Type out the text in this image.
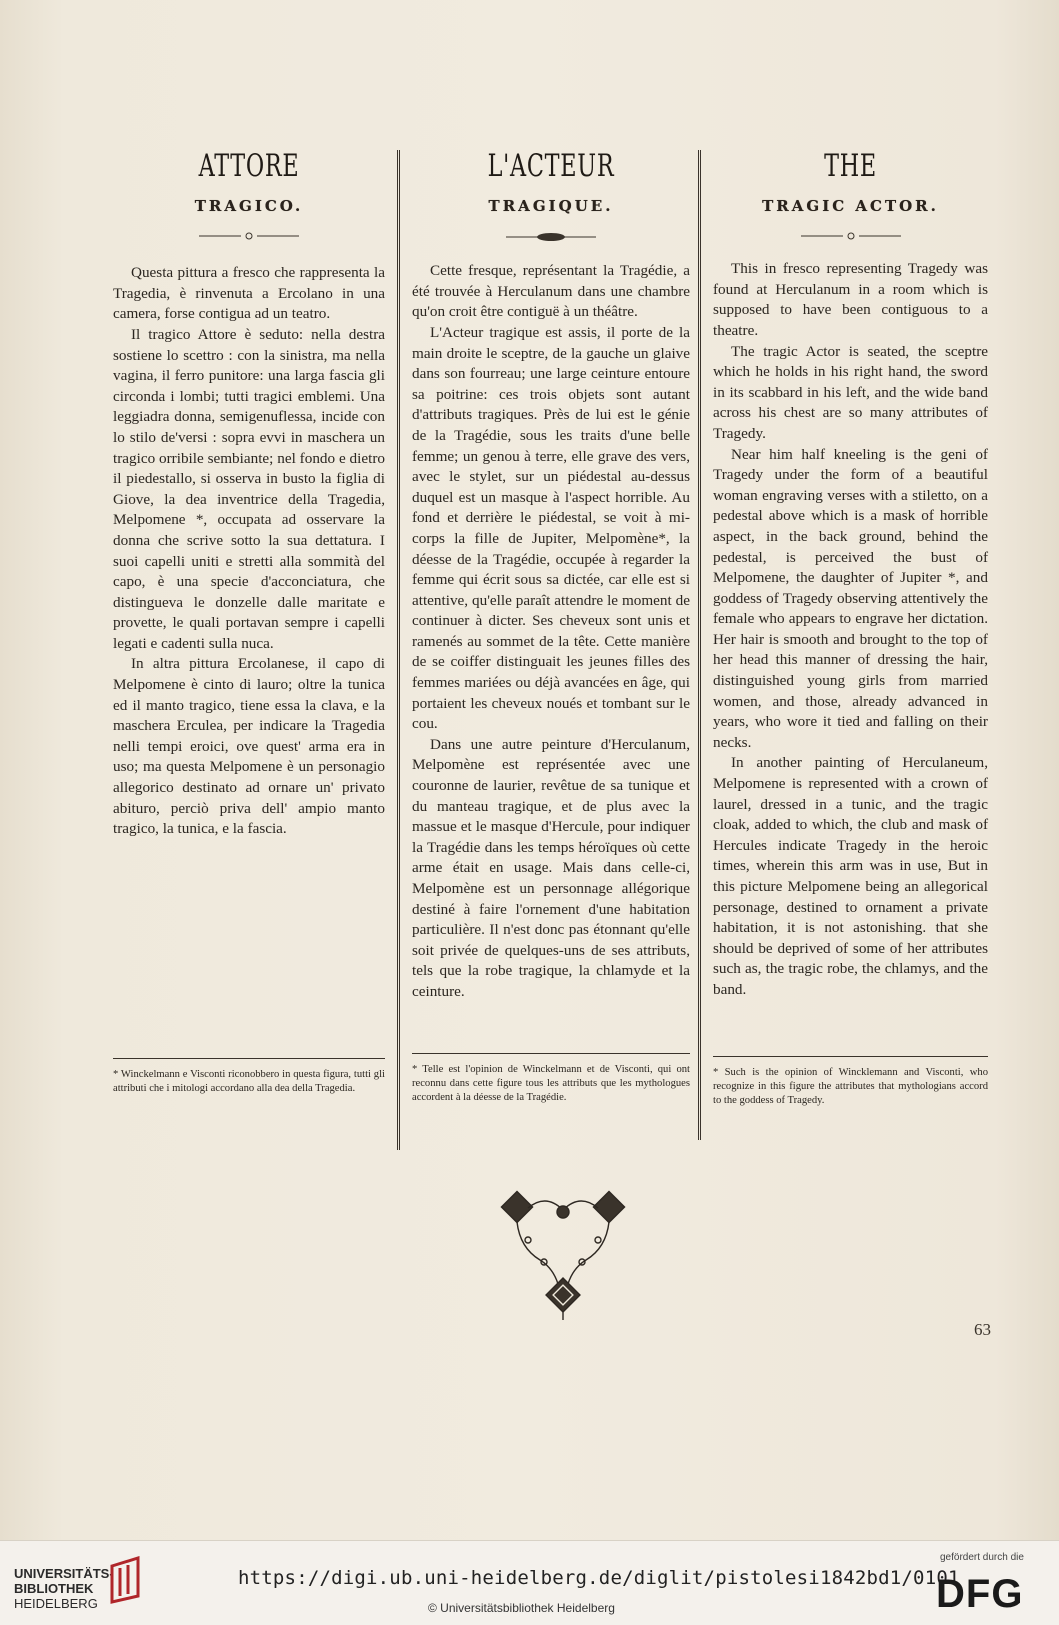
ATTORE
TRAGICO.

Questa pittura a fresco che rappresenta la Tragedia, è rinvenuta a Ercolano in una camera, forse contigua ad un teatro.

Il tragico Attore è seduto: nella destra sostiene lo scettro : con la sinistra, ma nella vagina, il ferro punitore: una larga fascia gli circonda i lombi; tutti tragici emblemi. Una leggiadra donna, semigenuflessa, incide con lo stilo de'versi : sopra evvi in maschera un tragico orribile sembiante; nel fondo e dietro il piedestallo, si osserva in busto la figlia di Giove, la dea inventrice della Tragedia, Melpomene *, occupata ad osservare la donna che scrive sotto la sua dettatura. I suoi capelli uniti e stretti alla sommità del capo, è una specie d'acconciatura, che distingueva le donzelle dalle maritate e provette, le quali portavan sempre i capelli legati e cadenti sulla nuca.

In altra pittura Ercolanese, il capo di Melpomene è cinto di lauro; oltre la tunica ed il manto tragico, tiene essa la clava, e la maschera Erculea, per indicare la Tragedia nelli tempi eroici, ove quest' arma era in uso; ma questa Melpomene è un personagio allegorico destinato ad ornare un' privato abituro, perciò priva dell' ampio manto tragico, la tunica, e la fascia.

L'ACTEUR
TRAGIQUE.

Cette fresque, représentant la Tragédie, a été trouvée à Herculanum dans une chambre qu'on croit être contiguë à un théâtre.

L'Acteur tragique est assis, il porte de la main droite le sceptre, de la gauche un glaive dans son fourreau; une large ceinture entoure sa poitrine: ces trois objets sont autant d'attributs tragiques. Près de lui est le génie de la Tragédie, sous les traits d'une belle femme; un genou à terre, elle grave des vers, avec le stylet, sur un piédestal au-dessus duquel est un masque à l'aspect horrible. Au fond et derrière le piédestal, se voit à mi-corps la fille de Jupiter, Melpomène*, la déesse de la Tragédie, occupée à regarder la femme qui écrit sous sa dictée, car elle est si attentive, qu'elle paraît attendre le moment de continuer à dicter. Ses cheveux sont unis et ramenés au sommet de la tête. Cette manière de se coiffer distinguait les jeunes filles des femmes mariées ou déjà avancées en âge, qui portaient les cheveux noués et tombant sur le cou.

Dans une autre peinture d'Herculanum, Melpomène est représentée avec une couronne de laurier, revêtue de sa tunique et du manteau tragique, et de plus avec la massue et le masque d'Hercule, pour indiquer la Tragédie dans les temps héroïques où cette arme était en usage. Mais dans celle-ci, Melpomène est un personnage allégorique destiné à faire l'ornement d'une habitation particulière. Il n'est donc pas étonnant qu'elle soit privée de quelques-uns de ses attributs, tels que la robe tragique, la chlamyde et la ceinture.

THE
TRAGIC ACTOR.

This in fresco representing Tragedy was found at Herculanum in a room which is supposed to have been contiguous to a theatre.

The tragic Actor is seated, the sceptre which he holds in his right hand, the sword in its scabbard in his left, and the wide band across his chest are so many attributes of Tragedy.

Near him half kneeling is the geni of Tragedy under the form of a beautiful woman engraving verses with a stiletto, on a pedestal above which is a mask of horrible aspect, in the back ground, behind the pedestal, is perceived the bust of Melpomene, the daughter of Jupiter *, and goddess of Tragedy observing attentively the female who appears to engrave her dictation. Her hair is smooth and brought to the top of her head this manner of dressing the hair, distinguished young girls from married women, and those, already advanced in years, who wore it tied and falling on their necks.

In another painting of Herculaneum, Melpomene is represented with a crown of laurel, dressed in a tunic, and the tragic cloak, added to which, the club and mask of Hercules indicate Tragedy in the heroic times, wherein this arm was in use, But in this picture Melpomene being an allegorical personage, destined to ornament a private habitation, it is not astonishing. that she should be deprived of some of her attributes such as, the tragic robe, the chlamys, and the band.

* Winckelmann e Visconti riconobbero in questa figura, tutti gli attributi che i mitologi accordano alla dea della Tragedia.
* Telle est l'opinion de Winckelmann et de Visconti, qui ont reconnu dans cette figure tous les attributs que les mythologues accordent à la déesse de la Tragédie.
* Such is the opinion of Wincklemann and Visconti, who recognize in this figure the attributes that mythologians accord to the goddess of Tragedy.
63
UNIVERSITÄTS-
BIBLIOTHEK
HEIDELBERG
https://digi.ub.uni-heidelberg.de/diglit/pistolesi1842bd1/0101
© Universitätsbibliothek Heidelberg
gefördert durch die
DFG
